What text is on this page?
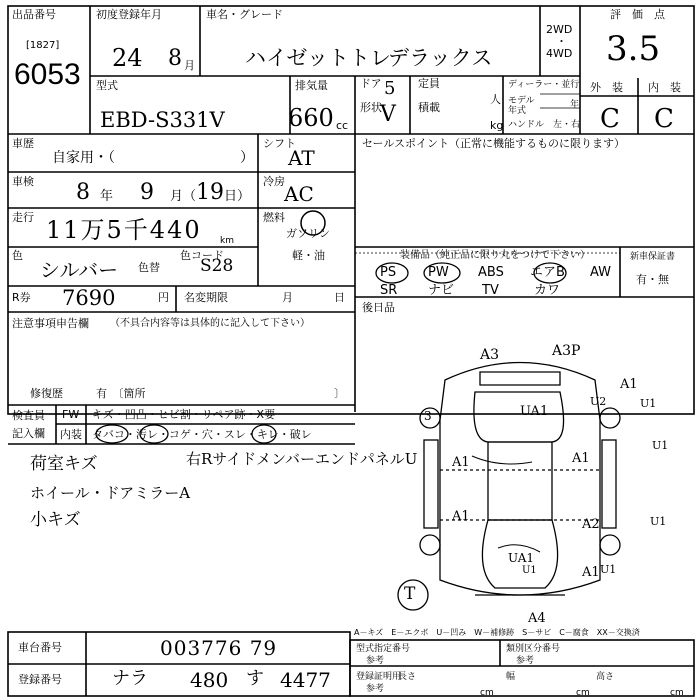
出品番号
[1827]
6053
初度登録年月
24 8 月
車名・グレード
ハイゼットトレ
デラックス
2WD
・
4WD
評　価　点
3.5
型式
EBD-S331V
排気量
660 cc
ドア 5
形状
V
定員
人
積載
kg
ディーラー・並行
モデル
年式
年
ハンドル　左・右
外　装 内　装
C C
車歴
自家用・（	）
車検 8 年 9 月（ 19 日）
走行 11万5千440 km
色
シルバー 色替
色コード
S28
R券 7690	円 名変期限	月	日
注意事項申告欄 （不具合内容等は具体的に記入して下さい）
修復歴	有　〔箇所	〕
シフト
AT
冷房
AC
燃料
ガソリン
軽・油
セールスポイント（正常に機能するものに限ります）
装備品（純正品に限り丸をつけて下さい）
PS PW ABS エアB AW
SR ナビ TV	カワ
新車保証書
有・無
後日品
検査員
記入欄
FW キズ・凹凸・ヒビ割・リペア跡・X要
内装 タバコ・汚レ・コゲ・穴・スレ・キレ・破レ
荷室キズ	右RサイドメンバーエンドパネルU
ホイール・ドアミラーA
小キズ
A3	A3P
UA1
A1
U2	U1
U1
A1	A1
A1
A2	U1
UA1
U1	A1 U1
3
A4
T
A－キズ　E－エクボ　U－凹み　W－補修跡　S－サビ　C－腐食　XX－交換済
車台番号	003776 79
登録番号	ナラ 480 す 4477
型式指定番号
参考
類別区分番号
参考
登録証明用
参考
長さ
cm
幅
cm
高さ
cm
